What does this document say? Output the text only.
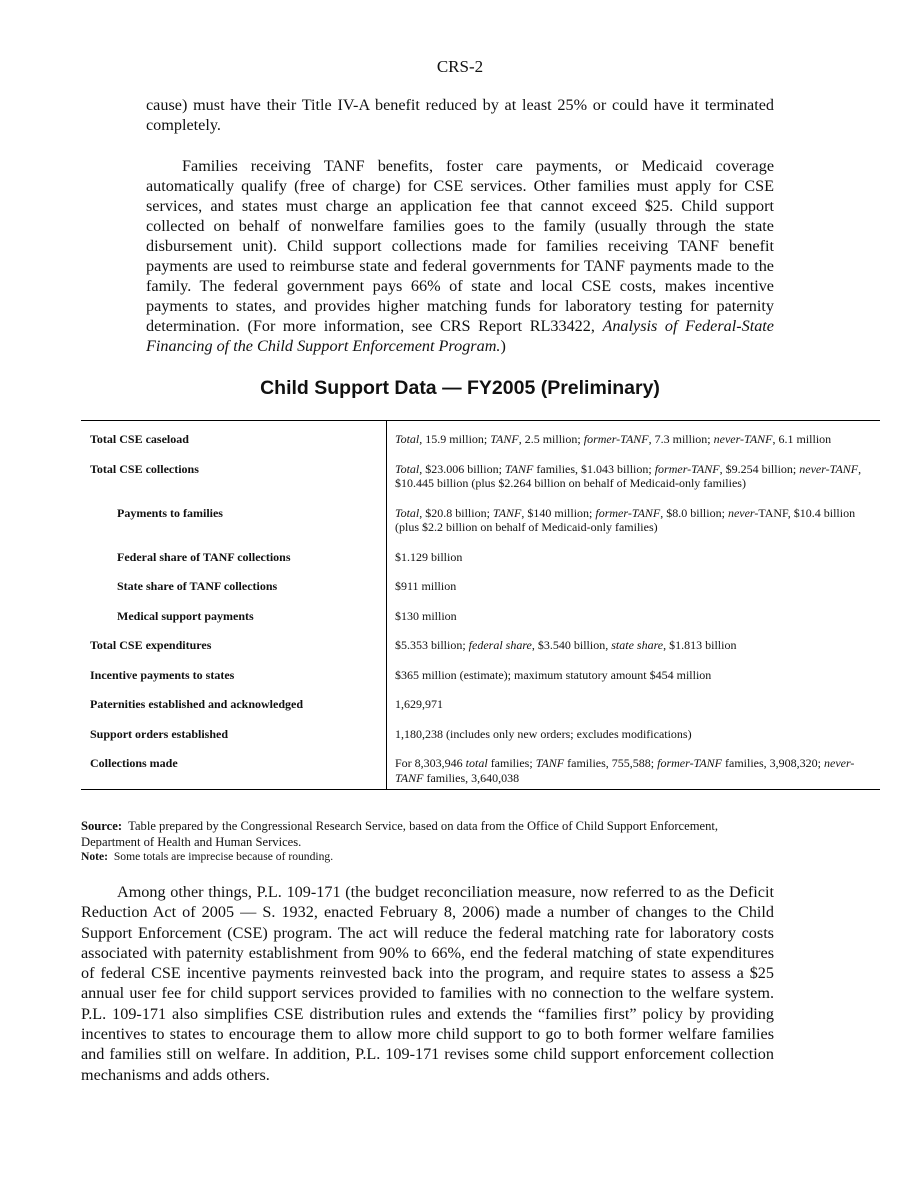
CRS-2

cause) must have their Title IV-A benefit reduced by at least 25% or could have it terminated completely.

Families receiving TANF benefits, foster care payments, or Medicaid coverage automatically qualify (free of charge) for CSE services. Other families must apply for CSE services, and states must charge an application fee that cannot exceed $25. Child support collected on behalf of nonwelfare families goes to the family (usually through the state disbursement unit). Child support collections made for families receiving TANF benefit payments are used to reimburse state and federal governments for TANF payments made to the family. The federal government pays 66% of state and local CSE costs, makes incentive payments to states, and provides higher matching funds for laboratory testing for paternity determination. (For more information, see CRS Report RL33422, Analysis of Federal-State Financing of the Child Support Enforcement Program.)

Child Support Data — FY2005 (Preliminary)
Total CSE caseload	Total, 15.9 million; TANF, 2.5 million; former-TANF, 7.3 million; never-TANF, 6.1 million
Total CSE collections	Total, $23.006 billion; TANF families, $1.043 billion; former-TANF, $9.254 billion; never-TANF, $10.445 billion (plus $2.264 billion on behalf of Medicaid-only families)
Payments to families	Total, $20.8 billion; TANF, $140 million; former-TANF, $8.0 billion; never-TANF, $10.4 billion (plus $2.2 billion on behalf of Medicaid-only families)
Federal share of TANF collections	$1.129 billion
State share of TANF collections	$911 million
Medical support payments	$130 million
Total CSE expenditures	$5.353 billion; federal share, $3.540 billion, state share, $1.813 billion
Incentive payments to states	$365 million (estimate); maximum statutory amount $454 million
Paternities established and acknowledged	1,629,971
Support orders established	1,180,238 (includes only new orders; excludes modifications)
Collections made	For 8,303,946 total families; TANF families, 755,588; former-TANF families, 3,908,320; never-TANF families, 3,640,038

Source: Table prepared by the Congressional Research Service, based on data from the Office of Child Support Enforcement, Department of Health and Human Services.

Note: Some totals are imprecise because of rounding.

Among other things, P.L. 109-171 (the budget reconciliation measure, now referred to as the Deficit Reduction Act of 2005 — S. 1932, enacted February 8, 2006) made a number of changes to the Child Support Enforcement (CSE) program. The act will reduce the federal matching rate for laboratory costs associated with paternity establishment from 90% to 66%, end the federal matching of state expenditures of federal CSE incentive payments reinvested back into the program, and require states to assess a $25 annual user fee for child support services provided to families with no connection to the welfare system. P.L. 109-171 also simplifies CSE distribution rules and extends the “families first” policy by providing incentives to states to encourage them to allow more child support to go to both former welfare families and families still on welfare. In addition, P.L. 109-171 revises some child support enforcement collection mechanisms and adds others.
